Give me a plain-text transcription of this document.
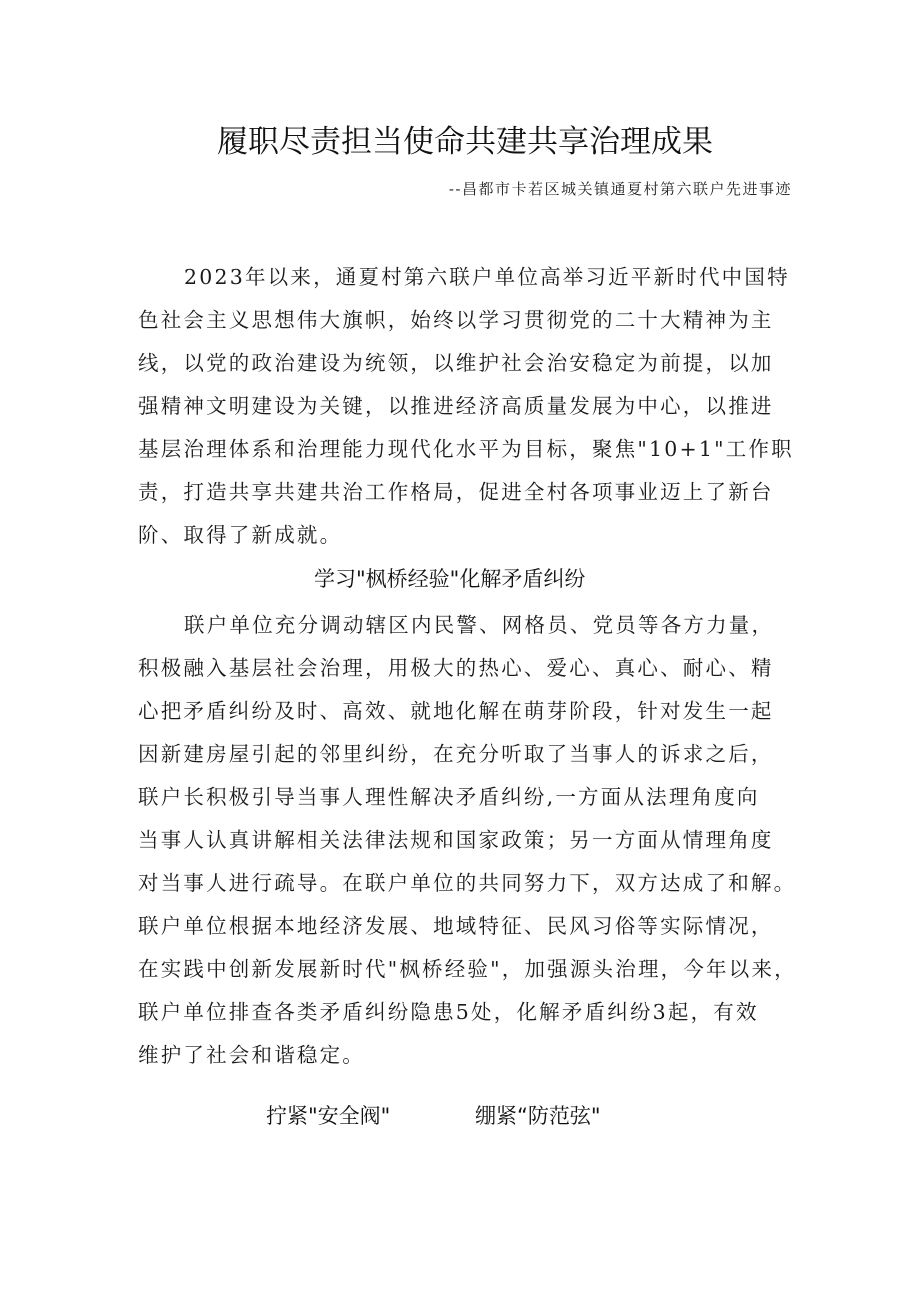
履职尽责担当使命共建共享治理成果
--昌都市卡若区城关镇通夏村第六联户先进事迹
2023年以来，通夏村第六联户单位高举习近平新时代中国特
色社会主义思想伟大旗帜，始终以学习贯彻党的二十大精神为主
线，以党的政治建设为统领，以维护社会治安稳定为前提，以加
强精神文明建设为关键，以推进经济高质量发展为中心，以推进
基层治理体系和治理能力现代化水平为目标，聚焦"10+1"工作职
责，打造共享共建共治工作格局，促进全村各项事业迈上了新台
阶、取得了新成就。
学习"枫桥经验"化解矛盾纠纷
联户单位充分调动辖区内民警、网格员、党员等各方力量，
积极融入基层社会治理，用极大的热心、爱心、真心、耐心、精
心把矛盾纠纷及时、高效、就地化解在萌芽阶段，针对发生一起
因新建房屋引起的邻里纠纷，在充分听取了当事人的诉求之后，
联户长积极引导当事人理性解决矛盾纠纷,一方面从法理角度向
当事人认真讲解相关法律法规和国家政策；另一方面从情理角度
对当事人进行疏导。在联户单位的共同努力下，双方达成了和解。
联户单位根据本地经济发展、地域特征、民风习俗等实际情况，
在实践中创新发展新时代"枫桥经验"，加强源头治理，今年以来，
联户单位排查各类矛盾纠纷隐患5处，化解矛盾纠纷3起，有效
维护了社会和谐稳定。
拧紧"安全阀"	绷紧“防范弦"
